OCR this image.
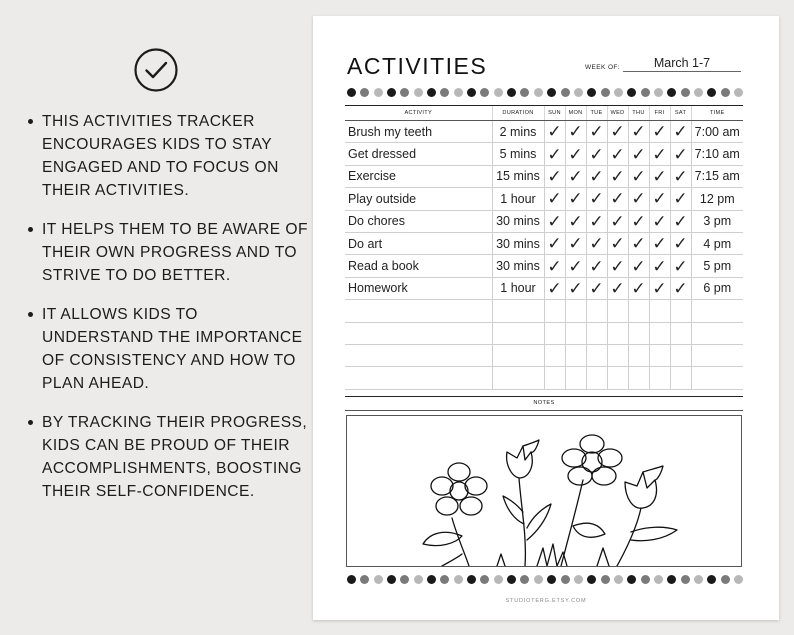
THIS ACTIVITIES TRACKER ENCOURAGES KIDS TO STAY ENGAGED AND TO FOCUS ON THEIR ACTIVITIES.
IT HELPS THEM TO BE AWARE OF THEIR OWN PROGRESS AND TO STRIVE TO DO BETTER.
IT ALLOWS KIDS TO UNDERSTAND THE IMPORTANCE OF CONSISTENCY AND HOW TO PLAN AHEAD.
BY TRACKING THEIR PROGRESS, KIDS CAN BE PROUD OF THEIR ACCOMPLISHMENTS, BOOSTING THEIR SELF-CONFIDENCE.
ACTIVITIES	WEEK OF:	March 1-7
ACTIVITY	DURATION	SUN	MON	TUE	WED	THU	FRI	SAT	TIME
Brush my teeth	2 mins	✓	✓	✓	✓	✓	✓	✓	7:00 am
Get dressed	5 mins	✓	✓	✓	✓	✓	✓	✓	7:10 am
Exercise	15 mins	✓	✓	✓	✓	✓	✓	✓	7:15 am
Play outside	1 hour	✓	✓	✓	✓	✓	✓	✓	12 pm
Do chores	30 mins	✓	✓	✓	✓	✓	✓	✓	3 pm
Do art	30 mins	✓	✓	✓	✓	✓	✓	✓	4 pm
Read a book	30 mins	✓	✓	✓	✓	✓	✓	✓	5 pm
Homework	1 hour	✓	✓	✓	✓	✓	✓	✓	6 pm

NOTES
STUDIOTERG.ETSY.COM
